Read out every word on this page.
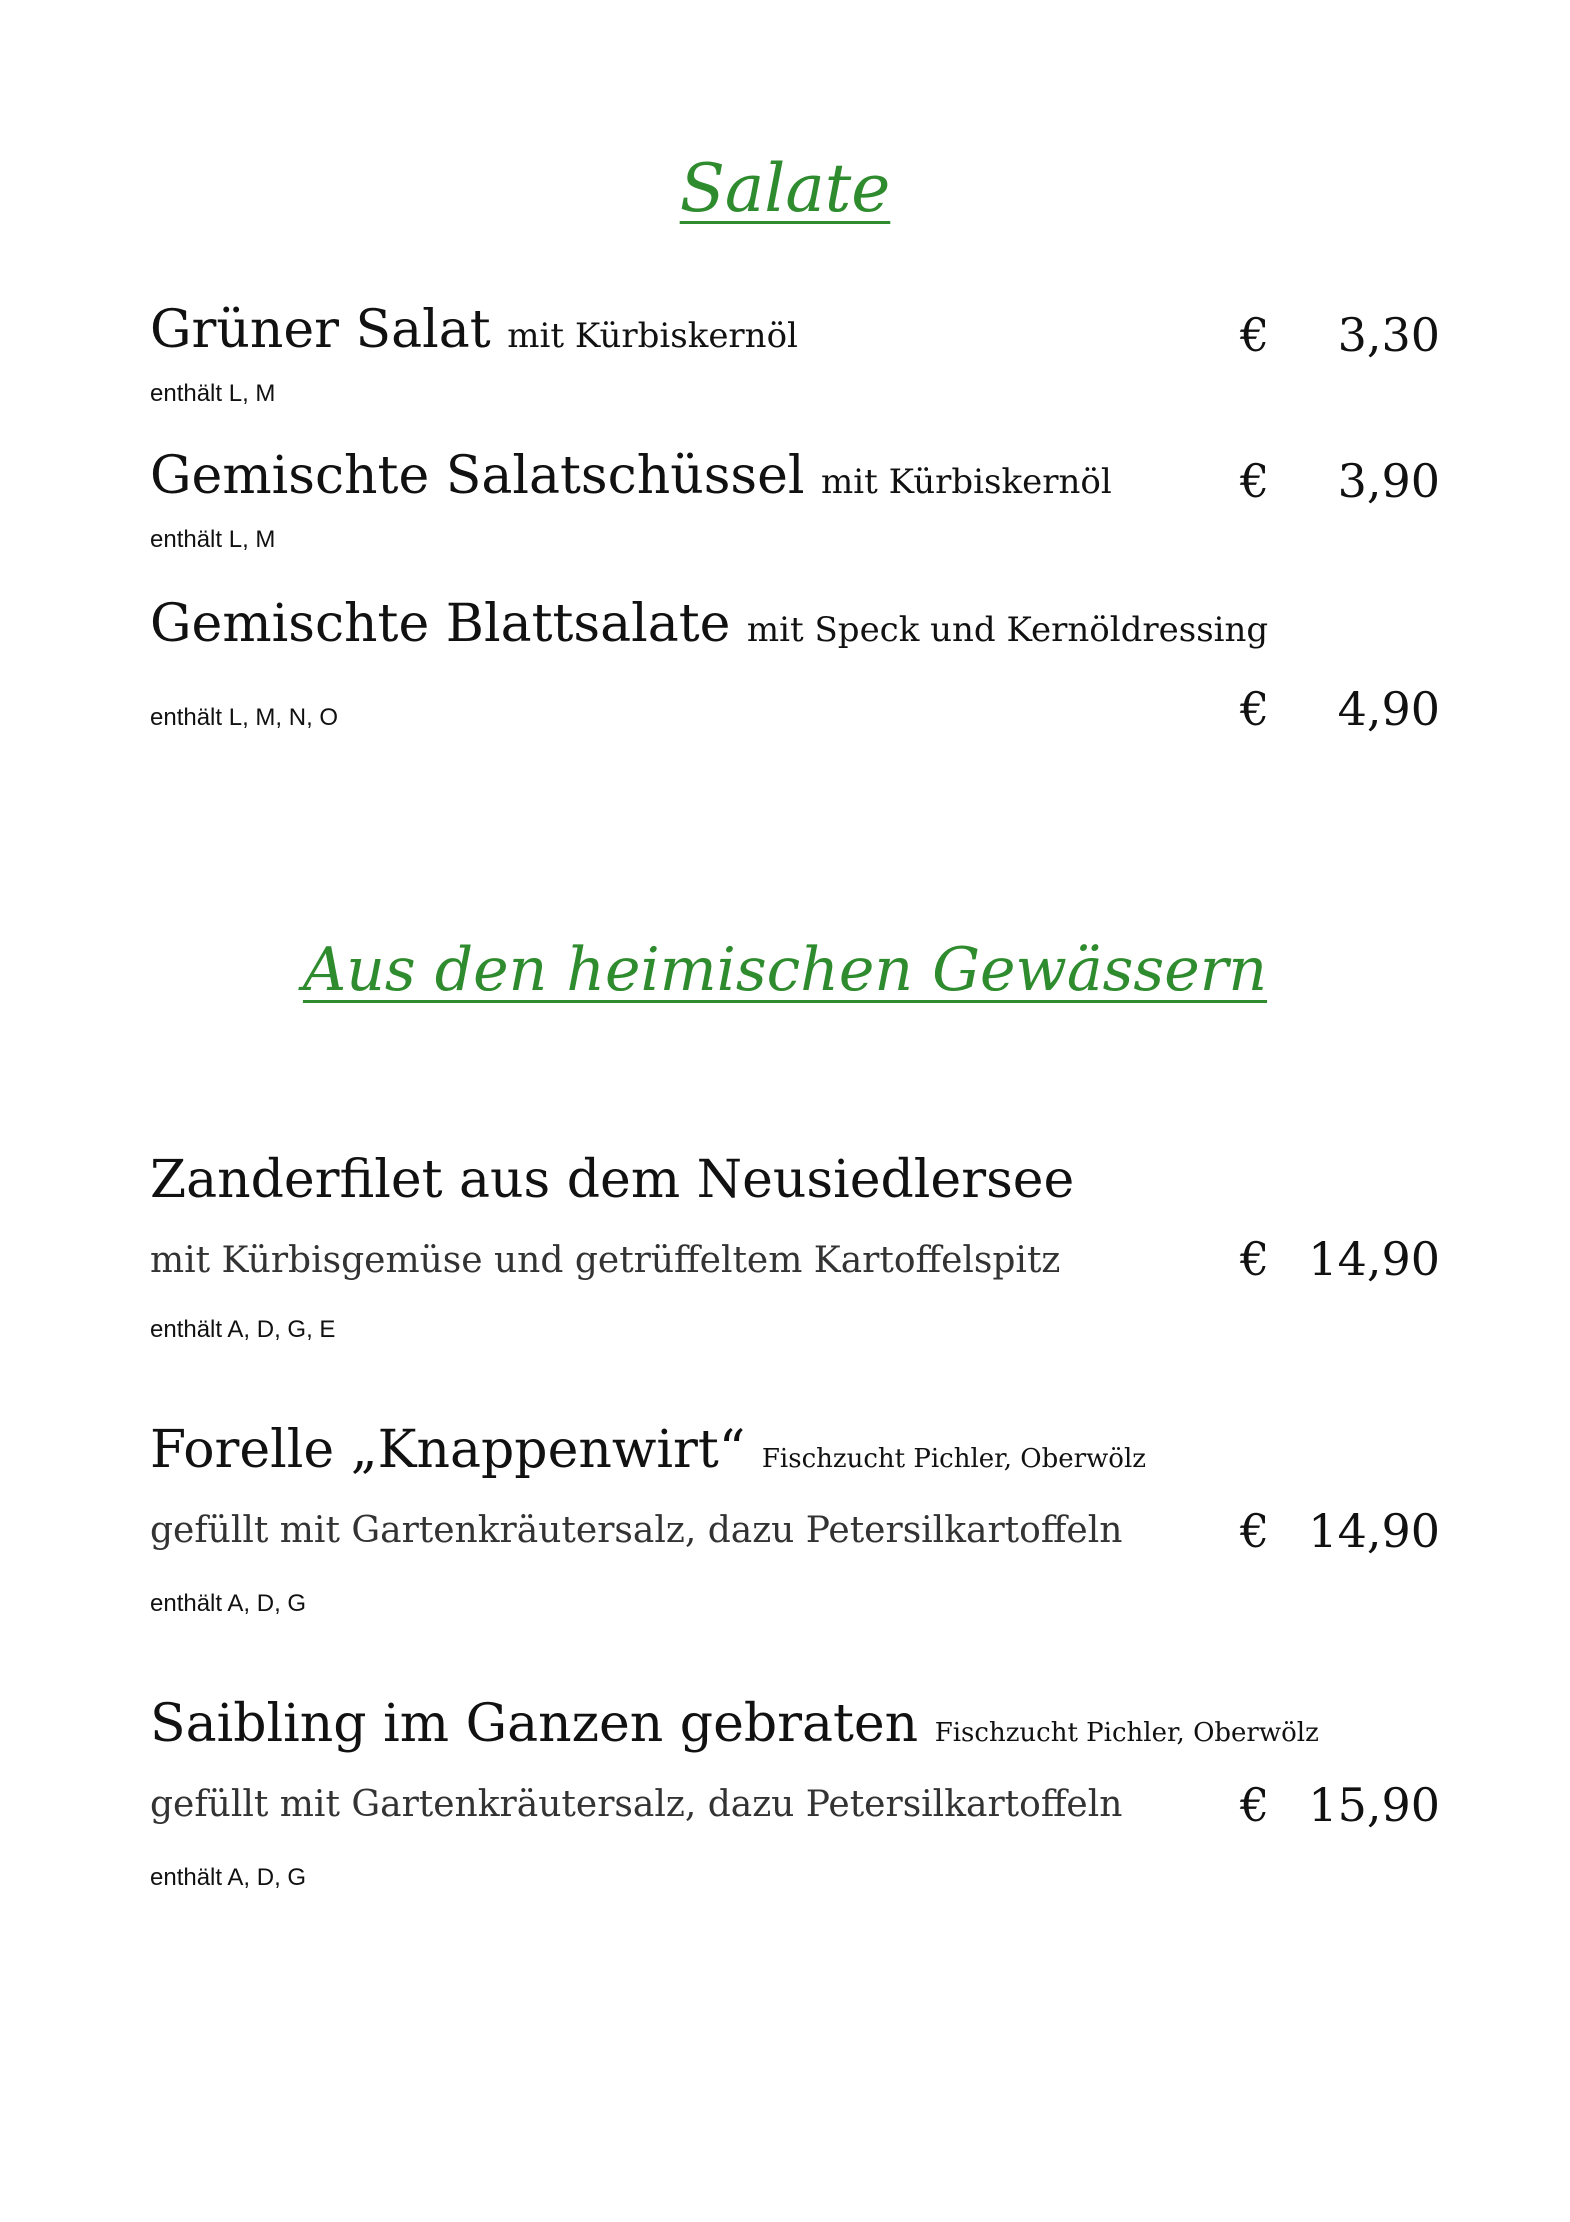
Salate
Grüner Salat mit Kürbiskernöl	€ 3,30
enthält L, M
Gemischte Salatschüssel mit Kürbiskernöl	€ 3,90
enthält L, M
Gemischte Blattsalate mit Speck und Kernöldressing
enthält L, M, N, O	€ 4,90
Aus den heimischen Gewässern
Zanderfilet aus dem Neusiedlersee
mit Kürbisgemüse und getrüffeltem Kartoffelspitz	€ 14,90
enthält A, D, G, E
Forelle „Knappenwirt“ Fischzucht Pichler, Oberwölz
gefüllt mit Gartenkräutersalz, dazu Petersilkartoffeln	€ 14,90
enthält A, D, G
Saibling im Ganzen gebraten Fischzucht Pichler, Oberwölz
gefüllt mit Gartenkräutersalz, dazu Petersilkartoffeln	€ 15,90
enthält A, D, G
